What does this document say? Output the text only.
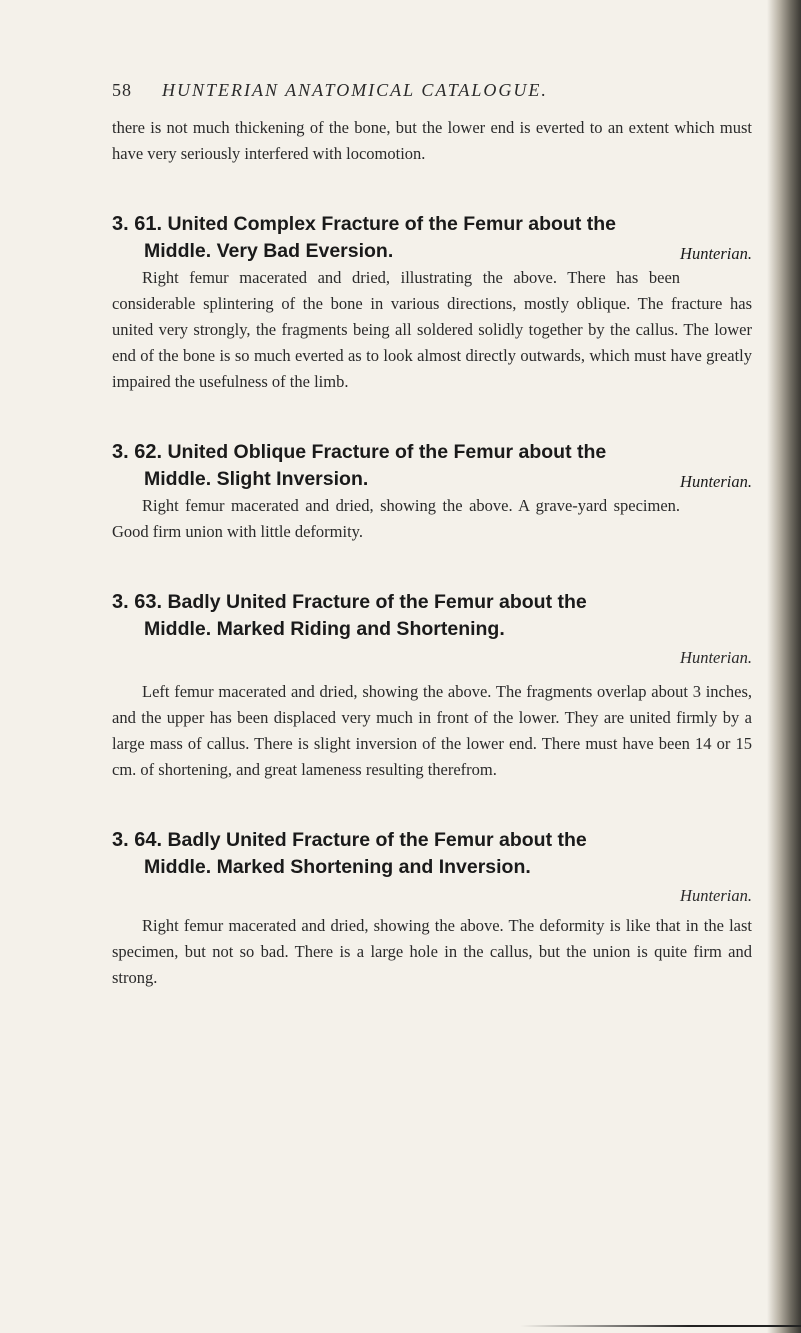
58 HUNTERIAN ANATOMICAL CATALOGUE.

there is not much thickening of the bone, but the lower end is everted to an extent which must have very seriously interfered with locomotion.

3. 61. United Complex Fracture of the Femur about the
Middle. Very Bad Eversion.	Hunterian.

Right femur macerated and dried, illustrating the above. There has been considerable splintering of the bone in various directions, mostly oblique. The fracture has united very strongly, the fragments being all soldered solidly together by the callus. The lower end of the bone is so much everted as to look almost directly outwards, which must have greatly impaired the usefulness of the limb.

3. 62. United Oblique Fracture of the Femur about the
Middle. Slight Inversion.	Hunterian.

Right femur macerated and dried, showing the above. A grave-yard specimen. Good firm union with little deformity.

3. 63. Badly United Fracture of the Femur about the
Middle. Marked Riding and Shortening.
Hunterian.

Left femur macerated and dried, showing the above. The fragments overlap about 3 inches, and the upper has been displaced very much in front of the lower. They are united firmly by a large mass of callus. There is slight inversion of the lower end. There must have been 14 or 15 cm. of shortening, and great lameness resulting therefrom.

3. 64. Badly United Fracture of the Femur about the
Middle. Marked Shortening and Inversion.
Hunterian.

Right femur macerated and dried, showing the above. The deformity is like that in the last specimen, but not so bad. There is a large hole in the callus, but the union is quite firm and strong.
